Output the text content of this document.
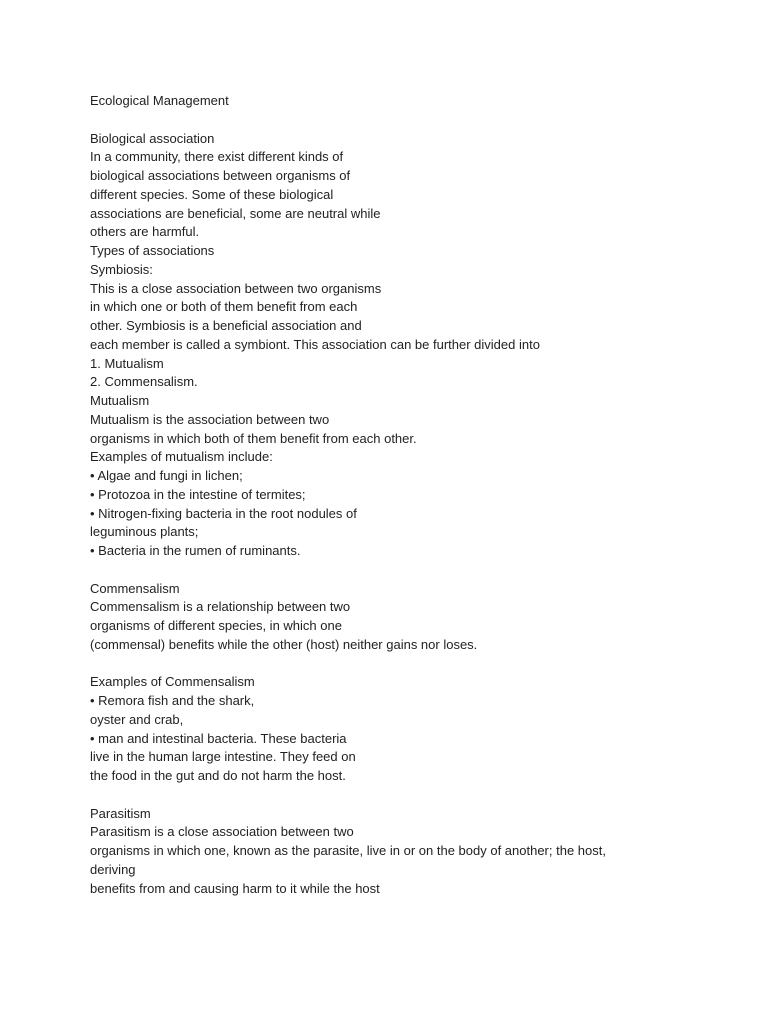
Ecological Management
Biological association
In a community, there exist different kinds of
biological associations between organisms of
different species. Some of these biological
associations are beneficial, some are neutral while
others are harmful.
Types of associations
Symbiosis:
This is a close association between two organisms
in which one or both of them benefit from each
other. Symbiosis is a beneficial association and
each member is called a symbiont. This association can be further divided into
1. Mutualism
2. Commensalism.
Mutualism
Mutualism is the association between two
organisms in which both of them benefit from each other.
Examples of mutualism include:
• Algae and fungi in lichen;
• Protozoa in the intestine of termites;
• Nitrogen-fixing bacteria in the root nodules of
leguminous plants;
• Bacteria in the rumen of ruminants.
Commensalism
Commensalism is a relationship between two
organisms of different species, in which one
(commensal) benefits while the other (host) neither gains nor loses.
Examples of Commensalism
• Remora fish and the shark,
oyster and crab,
• man and intestinal bacteria. These bacteria
live in the human large intestine. They feed on
the food in the gut and do not harm the host.
Parasitism
Parasitism is a close association between two
organisms in which one, known as the parasite, live in or on the body of another; the host,
deriving
benefits from and causing harm to it while the host
